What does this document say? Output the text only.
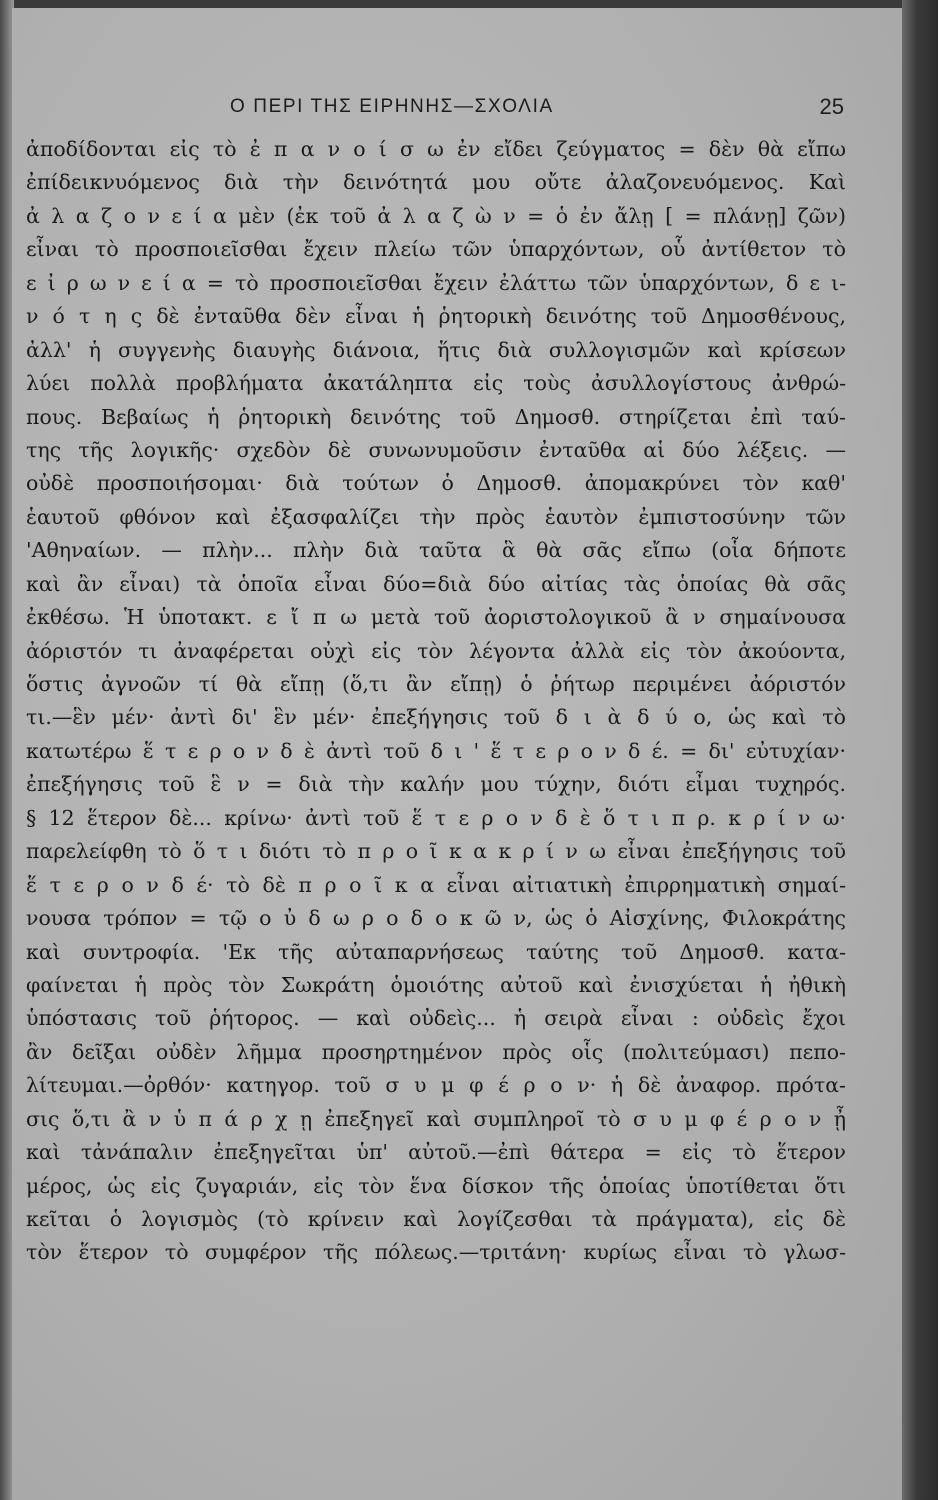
Ο ΠΕΡΙ ΤΗΣ ΕΙΡΗΝΗΣ—ΣΧΟΛΙΑ	25
ἀποδίδονται εἰς τὸ ἐ π α ν ο ί σ ω ἐν εἴδει ζεύγματος = δὲν θὰ εἴπω
ἐπίδεικνυόμενος διὰ τὴν δεινότητά μου οὔτε ἀλαζονευόμενος. Καὶ
ἀ λ α ζ ο ν ε ί α μὲν (ἐκ τοῦ ἀ λ α ζ ὼ ν = ὁ ἐν ἄλῃ [ = πλάνῃ] ζῶν)
εἶναι τὸ προσποιεῖσθαι ἔχειν πλείω τῶν ὑπαρχόντων, οὗ ἀντίθετον τὸ
ε ἰ ρ ω ν ε ί α = τὸ προσποιεῖσθαι ἔχειν ἐλάττω τῶν ὑπαρχόντων, δ ε ι-
ν ό τ η ς δὲ ἐνταῦθα δὲν εἶναι ἡ ῥητορικὴ δεινότης τοῦ Δημοσθένους,
ἀλλ' ἡ συγγενὴς διαυγὴς διάνοια, ἥτις διὰ συλλογισμῶν καὶ κρίσεων
λύει πολλὰ προβλήματα ἀκατάληπτα εἰς τοὺς ἀσυλλογίστους ἀνθρώ-
πους. Βεβαίως ἡ ῥητορικὴ δεινότης τοῦ Δημοσθ. στηρίζεται ἐπὶ ταύ-
της τῆς λογικῆς· σχεδὸν δὲ συνωνυμοῦσιν ἐνταῦθα αἱ δύο λέξεις. —
οὐδὲ προσποιήσομαι· διὰ τούτων ὁ Δημοσθ. ἀπομακρύνει τὸν καθ'
ἑαυτοῦ φθόνον καὶ ἐξασφαλίζει τὴν πρὸς ἑαυτὸν ἐμπιστοσύνην τῶν
'Αθηναίων. — πλὴν... πλὴν διὰ ταῦτα ἃ θὰ σᾶς εἴπω (οἷα δήποτε
καὶ ἂν εἶναι) τὰ ὁποῖα εἶναι δύο=διὰ δύο αἰτίας τὰς ὁποίας θὰ σᾶς
ἐκθέσω. Ἡ ὑποτακτ. ε ἴ π ω μετὰ τοῦ ἀοριστολογικοῦ ἂ ν σημαίνουσα
ἀόριστόν τι ἀναφέρεται οὐχὶ εἰς τὸν λέγοντα ἀλλὰ εἰς τὸν ἀκούοντα,
ὅστις ἀγνοῶν τί θὰ εἴπῃ (ὅ,τι ἂν εἴπῃ) ὁ ῥήτωρ περιμένει ἀόριστόν
τι.—ἓν μέν· ἀντὶ δι' ἓν μέν· ἐπεξήγησις τοῦ δ ι ὰ δ ύ ο, ὡς καὶ τὸ
κατωτέρω ἕ τ ε ρ ο ν δ ὲ ἀντὶ τοῦ δ ι ' ἕ τ ε ρ ο ν δ έ. = δι' εὐτυχίαν·
ἐπεξήγησις τοῦ ἓ ν = διὰ τὴν καλήν μου τύχην, διότι εἶμαι τυχηρός.
§ 12 ἕτερον δὲ... κρίνω· ἀντὶ τοῦ ἕ τ ε ρ ο ν δ ὲ ὅ τ ι π ρ. κ ρ ί ν ω·
παρελείφθη τὸ ὅ τ ι διότι τὸ π ρ ο ῖ κ α κ ρ ί ν ω εἶναι ἐπεξήγησις τοῦ
ἕ τ ε ρ ο ν δ έ· τὸ δὲ π ρ ο ῖ κ α εἶναι αἰτιατικὴ ἐπιρρηματικὴ σημαί-
νουσα τρόπον = τῷ ο ὐ δ ω ρ ο δ ο κ ῶ ν, ὡς ὁ Αἰσχίνης, Φιλοκράτης
καὶ συντροφία. 'Εκ τῆς αὐταπαρνήσεως ταύτης τοῦ Δημοσθ. κατα-
φαίνεται ἡ πρὸς τὸν Σωκράτη ὁμοιότης αὐτοῦ καὶ ἐνισχύεται ἡ ἠθικὴ
ὑπόστασις τοῦ ῥήτορος. — καὶ οὐδεὶς... ἡ σειρὰ εἶναι : οὐδεὶς ἔχοι
ἂν δεῖξαι οὐδὲν λῆμμα προσηρτημένον πρὸς οἷς (πολιτεύμασι) πεπο-
λίτευμαι.—ὀρθόν· κατηγορ. τοῦ σ υ μ φ έ ρ ο ν· ἡ δὲ ἀναφορ. πρότα-
σις ὅ,τι ἂ ν ὑ π ά ρ χ ῃ ἐπεξηγεῖ καὶ συμπληροῖ τὸ σ υ μ φ έ ρ ο ν ᾖ
καὶ τἀνάπαλιν ἐπεξηγεῖται ὑπ' αὐτοῦ.—ἐπὶ θάτερα = εἰς τὸ ἕτερον
μέρος, ὡς εἰς ζυγαριάν, εἰς τὸν ἕνα δίσκον τῆς ὁποίας ὑποτίθεται ὅτι
κεῖται ὁ λογισμὸς (τὸ κρίνειν καὶ λογίζεσθαι τὰ πράγματα), εἰς δὲ
τὸν ἕτερον τὸ συμφέρον τῆς πόλεως.—τριτάνη· κυρίως εἶναι τὸ γλωσ-
